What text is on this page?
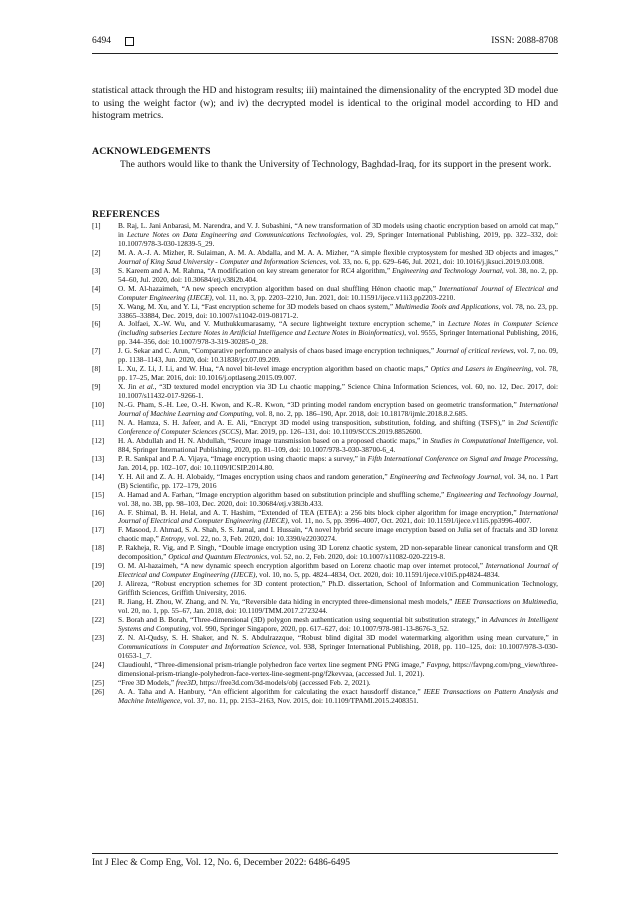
6494	ISSN: 2088-8708
statistical attack through the HD and histogram results; iii) maintained the dimensionality of the encrypted 3D model due to using the weight factor (w); and iv) the decrypted model is identical to the original model according to HD and histogram metrics.
ACKNOWLEDGEMENTS
The authors would like to thank the University of Technology, Baghdad-Iraq, for its support in the present work.
REFERENCES
[1] B. Raj, L. Jani Anbarasi, M. Narendra, and V. J. Subashini, “A new transformation of 3D models using chaotic encryption based on arnold cat map,” in Lecture Notes on Data Engineering and Communications Technologies, vol. 29, Springer International Publishing, 2019, pp. 322–332, doi: 10.1007/978-3-030-12839-5_29.
[2] M. A. A.-J. A. Mizher, R. Sulaiman, A. M. A. Abdalla, and M. A. A. Mizher, “A simple flexible cryptosystem for meshed 3D objects and images,” Journal of King Saud University - Computer and Information Sciences, vol. 33, no. 6, pp. 629–646, Jul. 2021, doi: 10.1016/j.jksuci.2019.03.008.
[3] S. Kareem and A. M. Rahma, “A modification on key stream generator for RC4 algorithm,” Engineering and Technology Journal, vol. 38, no. 2, pp. 54–60, Jul. 2020, doi: 10.30684/etj.v38i2b.404.
[4] O. M. Al-hazaimeh, “A new speech encryption algorithm based on dual shuffling Hénon chaotic map,” International Journal of Electrical and Computer Engineering (IJECE), vol. 11, no. 3, pp. 2203–2210, Jun. 2021, doi: 10.11591/ijece.v11i3.pp2203-2210.
[5] X. Wang, M. Xu, and Y. Li, “Fast encryption scheme for 3D models based on chaos system,” Multimedia Tools and Applications, vol. 78, no. 23, pp. 33865–33884, Dec. 2019, doi: 10.1007/s11042-019-08171-2.
[6] A. Jolfaei, X.-W. Wu, and V. Muthukkumarasamy, “A secure lightweight texture encryption scheme,” in Lecture Notes in Computer Science (including subseries Lecture Notes in Artificial Intelligence and Lecture Notes in Bioinformatics), vol. 9555, Springer International Publishing, 2016, pp. 344–356, doi: 10.1007/978-3-319-30285-0_28.
[7] J. G. Sekar and C. Arun, “Comparative performance analysis of chaos based image encryption techniques,” Journal of critical reviews, vol. 7, no. 09, pp. 1138–1143, Jun. 2020, doi: 10.31838/jcr.07.09.209.
[8] L. Xu, Z. Li, J. Li, and W. Hua, “A novel bit-level image encryption algorithm based on chaotic maps,” Optics and Lasers in Engineering, vol. 78, pp. 17–25, Mar. 2016, doi: 10.1016/j.optlaseng.2015.09.007.
[9] X. Jin et al., “3D textured model encryption via 3D Lu chaotic mapping,” Science China Information Sciences, vol. 60, no. 12, Dec. 2017, doi: 10.1007/s11432-017-9266-1.
[10] N.-G. Pham, S.-H. Lee, O.-H. Kwon, and K.-R. Kwon, “3D printing model random encryption based on geometric transformation,” International Journal of Machine Learning and Computing, vol. 8, no. 2, pp. 186–190, Apr. 2018, doi: 10.18178/ijmlc.2018.8.2.685.
[11] N. A. Hamza, S. H. Jafeer, and A. E. Ali, “Encrypt 3D model using transposition, substitution, folding, and shifting (TSFS),” in 2nd Scientific Conference of Computer Sciences (SCCS), Mar. 2019, pp. 126–131, doi: 10.1109/SCCS.2019.8852600.
[12] H. A. Abdullah and H. N. Abdullah, “Secure image transmission based on a proposed chaotic maps,” in Studies in Computational Intelligence, vol. 884, Springer International Publishing, 2020, pp. 81–109, doi: 10.1007/978-3-030-38700-6_4.
[13] P. R. Sankpal and P. A. Vijaya, “Image encryption using chaotic maps: a survey,” in Fifth International Conference on Signal and Image Processing, Jan. 2014, pp. 102–107, doi: 10.1109/ICSIP.2014.80.
[14] Y. H. Ail and Z. A. H. Alobaidy, “Images encryption using chaos and random generation,” Engineering and Technology Journal, vol. 34, no. 1 Part (B) Scientific, pp. 172–179, 2016
[15] A. Hamad and A. Farhan, “Image encryption algorithm based on substitution principle and shuffling scheme,” Engineering and Technology Journal, vol. 38, no. 3B, pp. 98–103, Dec. 2020, doi: 10.30684/etj.v38i3b.433.
[16] A. F. Shimal, B. H. Helal, and A. T. Hashim, “Extended of TEA (ETEA): a 256 bits block cipher algorithm for image encryption,” International Journal of Electrical and Computer Engineering (IJECE), vol. 11, no. 5, pp. 3996–4007, Oct. 2021, doi: 10.11591/ijece.v11i5.pp3996-4007.
[17] F. Masood, J. Ahmad, S. A. Shah, S. S. Jamal, and I. Hussain, “A novel hybrid secure image encryption based on Julia set of fractals and 3D lorenz chaotic map,” Entropy, vol. 22, no. 3, Feb. 2020, doi: 10.3390/e22030274.
[18] P. Rakheja, R. Vig, and P. Singh, “Double image encryption using 3D Lorenz chaotic system, 2D non-separable linear canonical transform and QR decomposition,” Optical and Quantum Electronics, vol. 52, no. 2, Feb. 2020, doi: 10.1007/s11082-020-2219-8.
[19] O. M. Al-hazaimeh, “A new dynamic speech encryption algorithm based on Lorenz chaotic map over internet protocol,” International Journal of Electrical and Computer Engineering (IJECE), vol. 10, no. 5, pp. 4824–4834, Oct. 2020, doi: 10.11591/ijece.v10i5.pp4824-4834.
[20] J. Alireza, “Robust encryption schemes for 3D content protection,” Ph.D. dissertation, School of Information and Communication Technology, Griffith Sciences, Griffith University, 2016.
[21] R. Jiang, H. Zhou, W. Zhang, and N. Yu, “Reversible data hiding in encrypted three-dimensional mesh models,” IEEE Transactions on Multimedia, vol. 20, no. 1, pp. 55–67, Jan. 2018, doi: 10.1109/TMM.2017.2723244.
[22] S. Borah and B. Borah, “Three-dimensional (3D) polygon mesh authentication using sequential bit substitution strategy,” in Advances in Intelligent Systems and Computing, vol. 990, Springer Singapore, 2020, pp. 617–627, doi: 10.1007/978-981-13-8676-3_52.
[23] Z. N. Al-Qudsy, S. H. Shaker, and N. S. Abdulrazzque, “Robust blind digital 3D model watermarking algorithm using mean curvature,” in Communications in Computer and Information Science, vol. 938, Springer International Publishing, 2018, pp. 110–125, doi: 10.1007/978-3-030-01653-1_7.
[24] Claudiouhl, “Three-dimensional prism-triangle polyhedron face vertex line segment PNG PNG image,” Favpng, https://favpng.com/png_view/three-dimensional-prism-triangle-polyhedron-face-vertex-line-segment-png/f2kevvaa, (accessed Jul. 1, 2021).
[25] “Free 3D Models,” free3D, https://free3d.com/3d-models/obj (accessed Feb. 2, 2021).
[26] A. A. Taha and A. Hanbury, “An efficient algorithm for calculating the exact hausdorff distance,” IEEE Transactions on Pattern Analysis and Machine Intelligence, vol. 37, no. 11, pp. 2153–2163, Nov. 2015, doi: 10.1109/TPAMI.2015.2408351.
Int J Elec & Comp Eng, Vol. 12, No. 6, December 2022: 6486-6495
